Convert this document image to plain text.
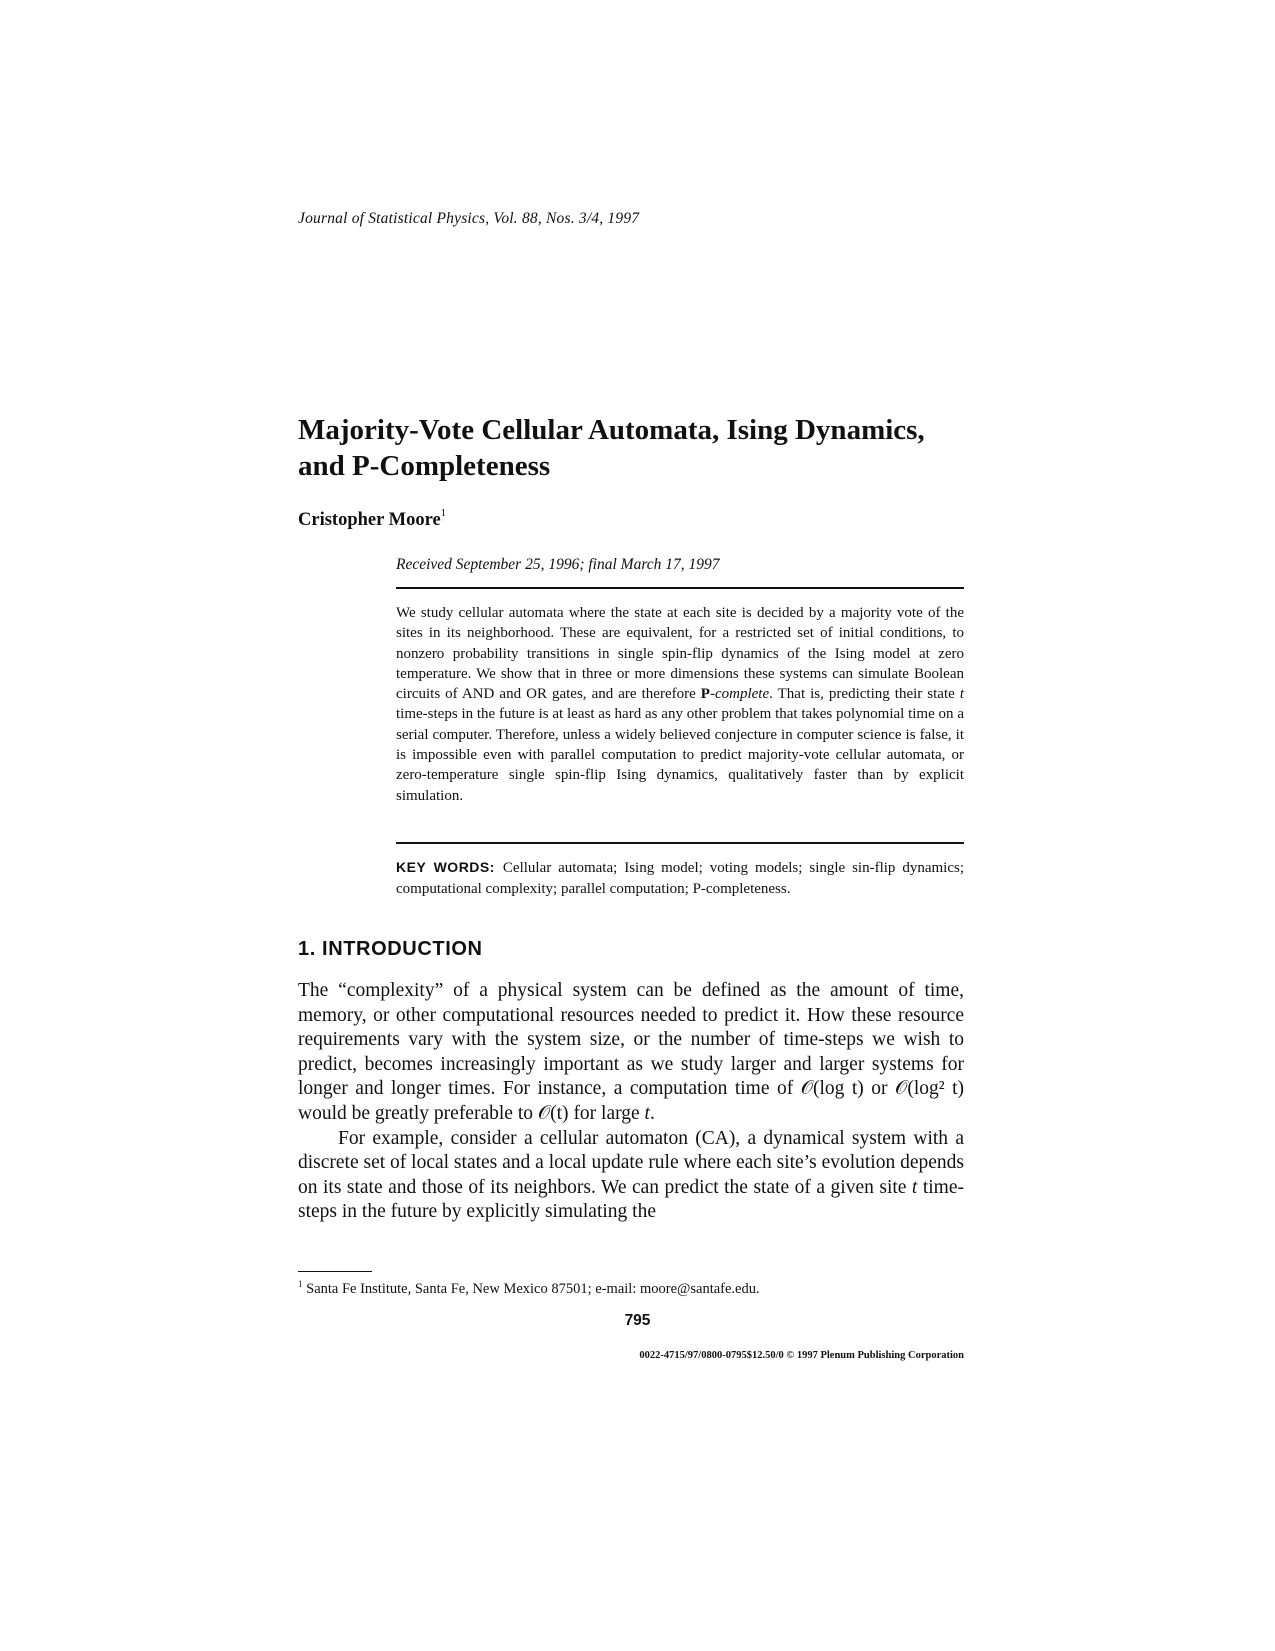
Journal of Statistical Physics, Vol. 88, Nos. 3/4, 1997
Majority-Vote Cellular Automata, Ising Dynamics,
and P-Completeness
Cristopher Moore$^1$
Received September 25, 1996; final March 17, 1997
We study cellular automata where the state at each site is decided by a majority vote of the sites in its neighborhood. These are equivalent, for a restricted set of initial conditions, to nonzero probability transitions in single spin-flip dynamics of the Ising model at zero temperature. We show that in three or more dimensions these systems can simulate Boolean circuits of AND and OR gates, and are therefore P-complete. That is, predicting their state t time-steps in the future is at least as hard as any other problem that takes polynomial time on a serial computer. Therefore, unless a widely believed conjecture in computer science is false, it is impossible even with parallel computation to predict majority-vote cellular automata, or zero-temperature single spin-flip Ising dynamics, qualitatively faster than by explicit simulation.
KEY WORDS: Cellular automata; Ising model; voting models; single sin-flip dynamics; computational complexity; parallel computation; P-completeness.
1. INTRODUCTION

The “complexity” of a physical system can be defined as the amount of time, memory, or other computational resources needed to predict it. How these resource requirements vary with the system size, or the number of time-steps we wish to predict, becomes increasingly important as we study larger and larger systems for longer and longer times. For instance, a computation time of 𝒪(log t) or 𝒪(log² t) would be greatly preferable to 𝒪(t) for large t.

For example, consider a cellular automaton (CA), a dynamical system with a discrete set of local states and a local update rule where each site’s evolution depends on its state and those of its neighbors. We can predict the state of a given site t time-steps in the future by explicitly simulating the

$^1$ Santa Fe Institute, Santa Fe, New Mexico 87501; e-mail: moore@santafe.edu.
795
0022-4715/97/0800-0795$12.50/0 © 1997 Plenum Publishing Corporation
